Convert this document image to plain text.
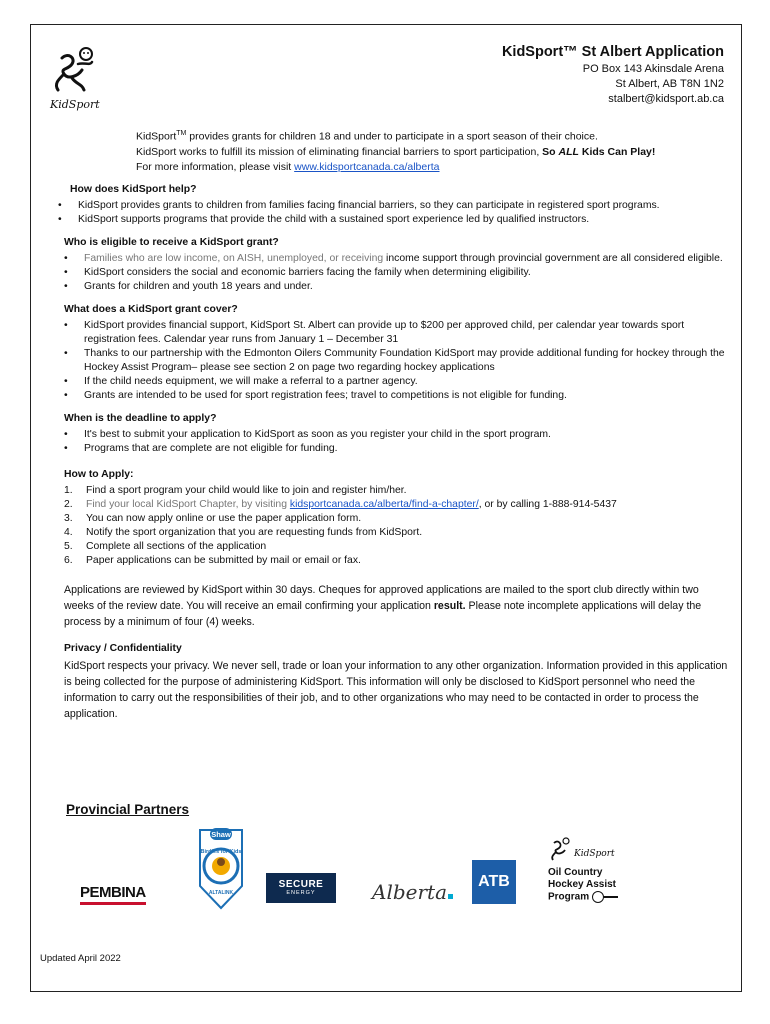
KidSport
KidSport™ St Albert Application
PO Box 143 Akinsdale Arena
St Albert, AB T8N 1N2
stalbert@kidsport.ab.ca
KidSport™ provides grants for children 18 and under to participate in a sport season of their choice.
KidSport works to fulfill its mission of eliminating financial barriers to sport participation, So ALL Kids Can Play!
For more information, please visit www.kidsportcanada.ca/alberta
How does KidSport help?
• KidSport provides grants to children from families facing financial barriers, so they can participate in registered sport programs.
• KidSport supports programs that provide the child with a sustained sport experience led by qualified instructors.
Who is eligible to receive a KidSport grant?
• Families who are low income, on AISH, unemployed, or receiving income support through provincial government are all considered eligible.
• KidSport considers the social and economic barriers facing the family when determining eligibility.
• Grants for children and youth 18 years and under.
What does a KidSport grant cover?
• KidSport provides financial support, KidSport St. Albert can provide up to $200 per approved child, per calendar year towards sport registration fees. Calendar year runs from January 1 – December 31
• Thanks to our partnership with the Edmonton Oilers Community Foundation KidSport may provide additional funding for hockey through the Hockey Assist Program– please see section 2 on page two regarding hockey applications
• If the child needs equipment, we will make a referral to a partner agency.
• Grants are intended to be used for sport registration fees; travel to competitions is not eligible for funding.
When is the deadline to apply?
• It's best to submit your application to KidSport as soon as you register your child in the sport program.
• Programs that are complete are not eligible for funding.
How to Apply:
1. Find a sport program your child would like to join and register him/her.
2. Find your local KidSport Chapter, by visiting kidsportcanada.ca/alberta/find-a-chapter/, or by calling 1-888-914-5437
3. You can now apply online or use the paper application form.
4. Notify the sport organization that you are requesting funds from KidSport.
5. Complete all sections of the application
6. Paper applications can be submitted by mail or email or fax.
Applications are reviewed by KidSport within 30 days. Cheques for approved applications are mailed to the sport club directly within two weeks of the review date. You will receive an email confirming your application result. Please note incomplete applications will delay the process by a minimum of four (4) weeks.
Privacy / Confidentiality
KidSport respects your privacy. We never sell, trade or loan your information to any other organization. Information provided in this application is being collected for the purpose of administering KidSport. This information will only be disclosed to KidSport personnel who need the information to carry out the responsibilities of their job, and to other organizations who may need to be contacted in order to process the application.
Provincial Partners
PEMBINA
Shaw
Birdies for Kids
ALTALINK
SECURE
ENERGY	Alberta	ATB
KidSport
Oil Country
Hockey Assist
Program
Updated April 2022
